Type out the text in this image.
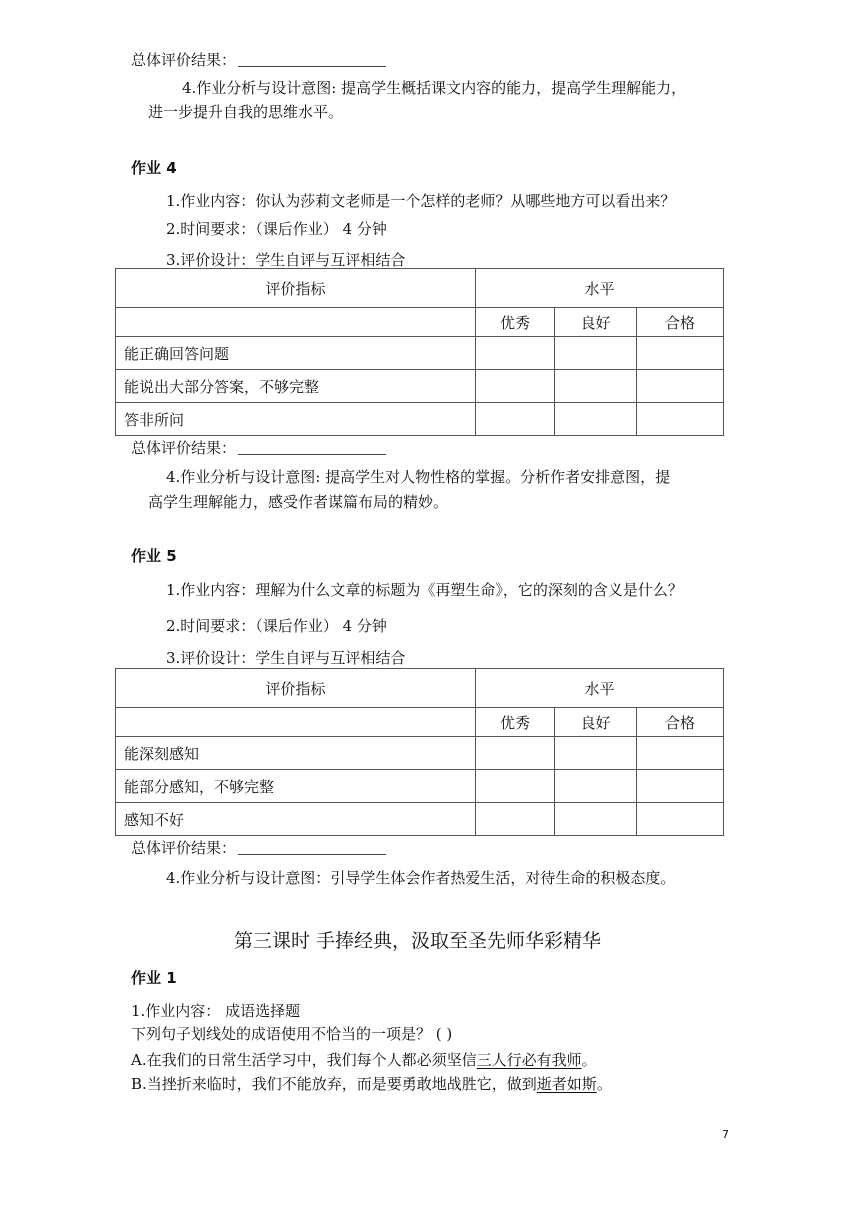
总体评价结果：
4.作业分析与设计意图: 提高学生概括课文内容的能力，提高学生理解能力，
进一步提升自我的思维水平。
作业 4
1.作业内容：你认为莎莉文老师是一个怎样的老师？从哪些地方可以看出来？
2.时间要求：（课后作业） 4 分钟
3.评价设计：学生自评与互评相结合
评价指标	水平		
	优秀	良好	合格
能正确回答问题			
能说出大部分答案，不够完整			
答非所问			
总体评价结果：
4.作业分析与设计意图: 提高学生对人物性格的掌握。分析作者安排意图，提
高学生理解能力，感受作者谋篇布局的精妙。
作业 5
1.作业内容：理解为什么文章的标题为《再塑生命》，它的深刻的含义是什么？
2.时间要求：（课后作业） 4 分钟
3.评价设计：学生自评与互评相结合
评价指标	水平		
	优秀	良好	合格
能深刻感知			
能部分感知，不够完整			
感知不好			
总体评价结果：
4.作业分析与设计意图：引导学生体会作者热爱生活，对待生命的积极态度。
第三课时 手捧经典，汲取至圣先师华彩精华
作业 1
1.作业内容： 成语选择题
下列句子划线处的成语使用不恰当的一项是？ ( )
A.在我们的日常生活学习中，我们每个人都必须坚信三人行必有我师。
B.当挫折来临时，我们不能放弃，而是要勇敢地战胜它，做到逝者如斯。
7
